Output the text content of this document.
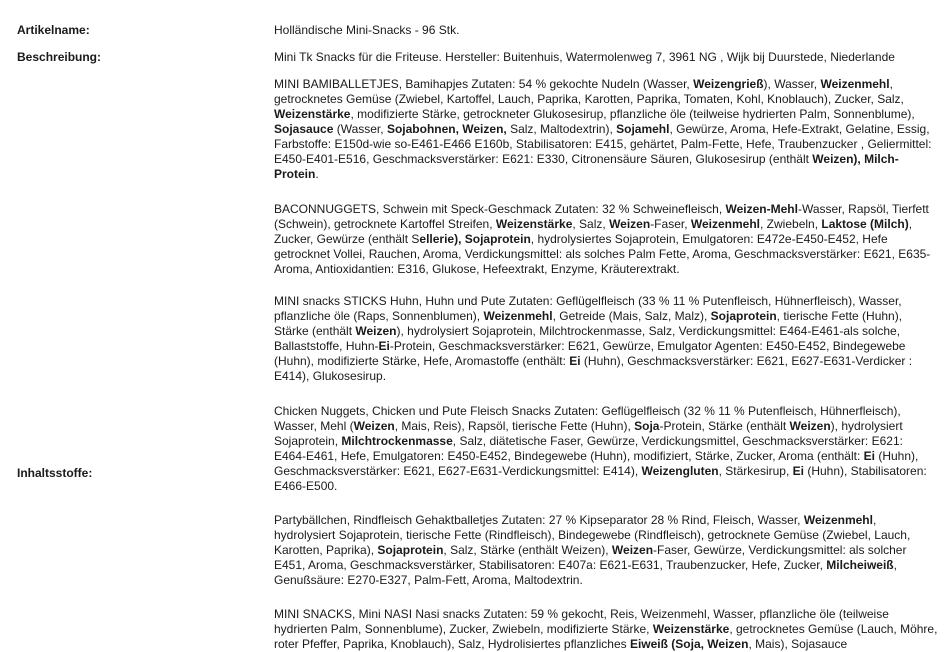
Artikelname:	Holländische Mini-Snacks - 96 Stk.
Beschreibung:	Mini Tk Snacks für die Friteuse. Hersteller: Buitenhuis, Watermolenweg 7, 3961 NG , Wijk bij Duurstede, Niederlande
Inhaltsstoffe:
MINI BAMIBALLETJES, Bamihapjes Zutaten: 54 % gekochte Nudeln (Wasser, Weizengrieß), Wasser, Weizenmehl, getrocknetes Gemüse (Zwiebel, Kartoffel, Lauch, Paprika, Karotten, Paprika, Tomaten, Kohl, Knoblauch), Zucker, Salz, Weizenstärke, modifizierte Stärke, getrockneter Glukosesirup, pflanzliche öle (teilweise hydrierten Palm, Sonnenblume), Sojasauce (Wasser, Sojabohnen, Weizen, Salz, Maltodextrin), Sojamehl, Gewürze, Aroma, Hefe-Extrakt, Gelatine, Essig, Farbstoffe: E150d-wie so-E461-E466 E160b, Stabilisatoren: E415, gehärtet, Palm-Fette, Hefe, Traubenzucker , Geliermittel: E450-E401-E516, Geschmacksverstärker: E621: E330, Citronensäure Säuren, Glukosesirup (enthält Weizen), Milch-Protein.
BACONNUGGETS, Schwein mit Speck-Geschmack Zutaten: 32 % Schweinefleisch, Weizen-Mehl-Wasser, Rapsöl, Tierfett (Schwein), getrocknete Kartoffel Streifen, Weizenstärke, Salz, Weizen-Faser, Weizenmehl, Zwiebeln, Laktose (Milch), Zucker, Gewürze (enthält Sellerie), Sojaprotein, hydrolysiertes Sojaprotein, Emulgatoren: E472e-E450-E452, Hefe getrocknet Vollei, Rauchen, Aroma, Verdickungsmittel: als solches Palm Fette, Aroma, Geschmacksverstärker: E621, E635-Aroma, Antioxidantien: E316, Glukose, Hefeextrakt, Enzyme, Kräuterextrakt.
MINI snacks STICKS Huhn, Huhn und Pute Zutaten: Geflügelfleisch (33 % 11 % Putenfleisch, Hühnerfleisch), Wasser, pflanzliche öle (Raps, Sonnenblumen), Weizenmehl, Getreide (Mais, Salz, Malz), Sojaprotein, tierische Fette (Huhn), Stärke (enthält Weizen), hydrolysiert Sojaprotein, Milchtrockenmasse, Salz, Verdickungsmittel: E464-E461-als solche, Ballaststoffe, Huhn-Ei-Protein, Geschmacksverstärker: E621, Gewürze, Emulgator Agenten: E450-E452, Bindegewebe (Huhn), modifizierte Stärke, Hefe, Aromastoffe (enthält: Ei (Huhn), Geschmacksverstärker: E621, E627-E631-Verdicker : E414), Glukosesirup.
Chicken Nuggets, Chicken und Pute Fleisch Snacks Zutaten: Geflügelfleisch (32 % 11 % Putenfleisch, Hühnerfleisch), Wasser, Mehl (Weizen, Mais, Reis), Rapsöl, tierische Fette (Huhn), Soja-Protein, Stärke (enthält Weizen), hydrolysiert Sojaprotein, Milchtrockenmasse, Salz, diätetische Faser, Gewürze, Verdickungsmittel, Geschmacksverstärker: E621: E464-E461, Hefe, Emulgatoren: E450-E452, Bindegewebe (Huhn), modifiziert, Stärke, Zucker, Aroma (enthält: Ei (Huhn), Geschmacksverstärker: E621, E627-E631-Verdickungsmittel: E414), Weizengluten, Stärkesirup, Ei (Huhn), Stabilisatoren: E466-E500.
Partybällchen, Rindfleisch Gehaktballetjes Zutaten: 27 % Kipseparator 28 % Rind, Fleisch, Wasser, Weizenmehl, hydrolysiert Sojaprotein, tierische Fette (Rindfleisch), Bindegewebe (Rindfleisch), getrocknete Gemüse (Zwiebel, Lauch, Karotten, Paprika), Sojaprotein, Salz, Stärke (enthält Weizen), Weizen-Faser, Gewürze, Verdickungsmittel: als solcher E451, Aroma, Geschmacksverstärker, Stabilisatoren: E407a: E621-E631, Traubenzucker, Hefe, Zucker, Milcheiweiß, Genußsäure: E270-E327, Palm-Fett, Aroma, Maltodextrin.
MINI SNACKS, Mini NASI Nasi snacks Zutaten: 59 % gekocht, Reis, Weizenmehl, Wasser, pflanzliche öle (teilweise hydrierten Palm, Sonnenblume), Zucker, Zwiebeln, modifizierte Stärke, Weizenstärke, getrocknetes Gemüse (Lauch, Möhre, roter Pfeffer, Paprika, Knoblauch), Salz, Hydrolisiertes pflanzliches Eiweiß (Soja, Weizen, Mais), Sojasauce
